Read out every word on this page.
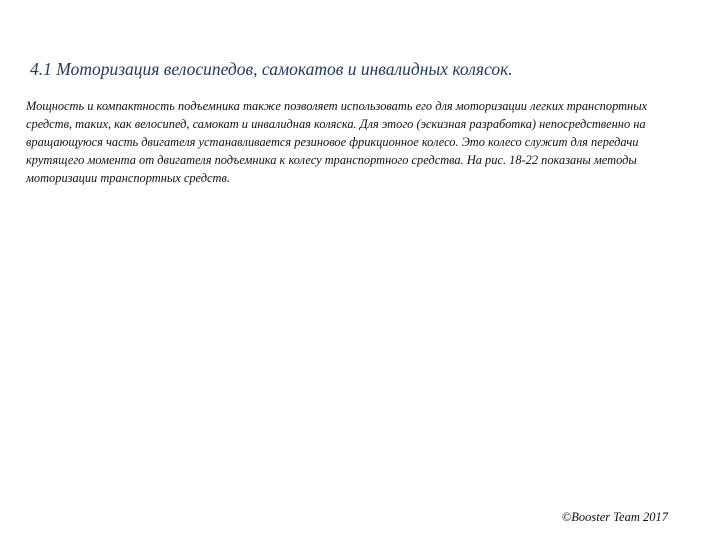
4.1 Моторизация велосипедов, самокатов и инвалидных колясок.

Мощность и компактность подъемника также позволяет использовать его для моторизации легких транспортных средств, таких, как велосипед, самокат и инвалидная коляска. Для этого (эскизная разработка) непосредственно на вращающуюся часть двигателя устанавливается резиновое фрикционное колесо. Это колесо служит для передачи крутящего момента от двигателя подъемника к колесу транспортного средства. На рис. 18-22 показаны методы моторизации транспортных средств.

©Booster Team 2017
